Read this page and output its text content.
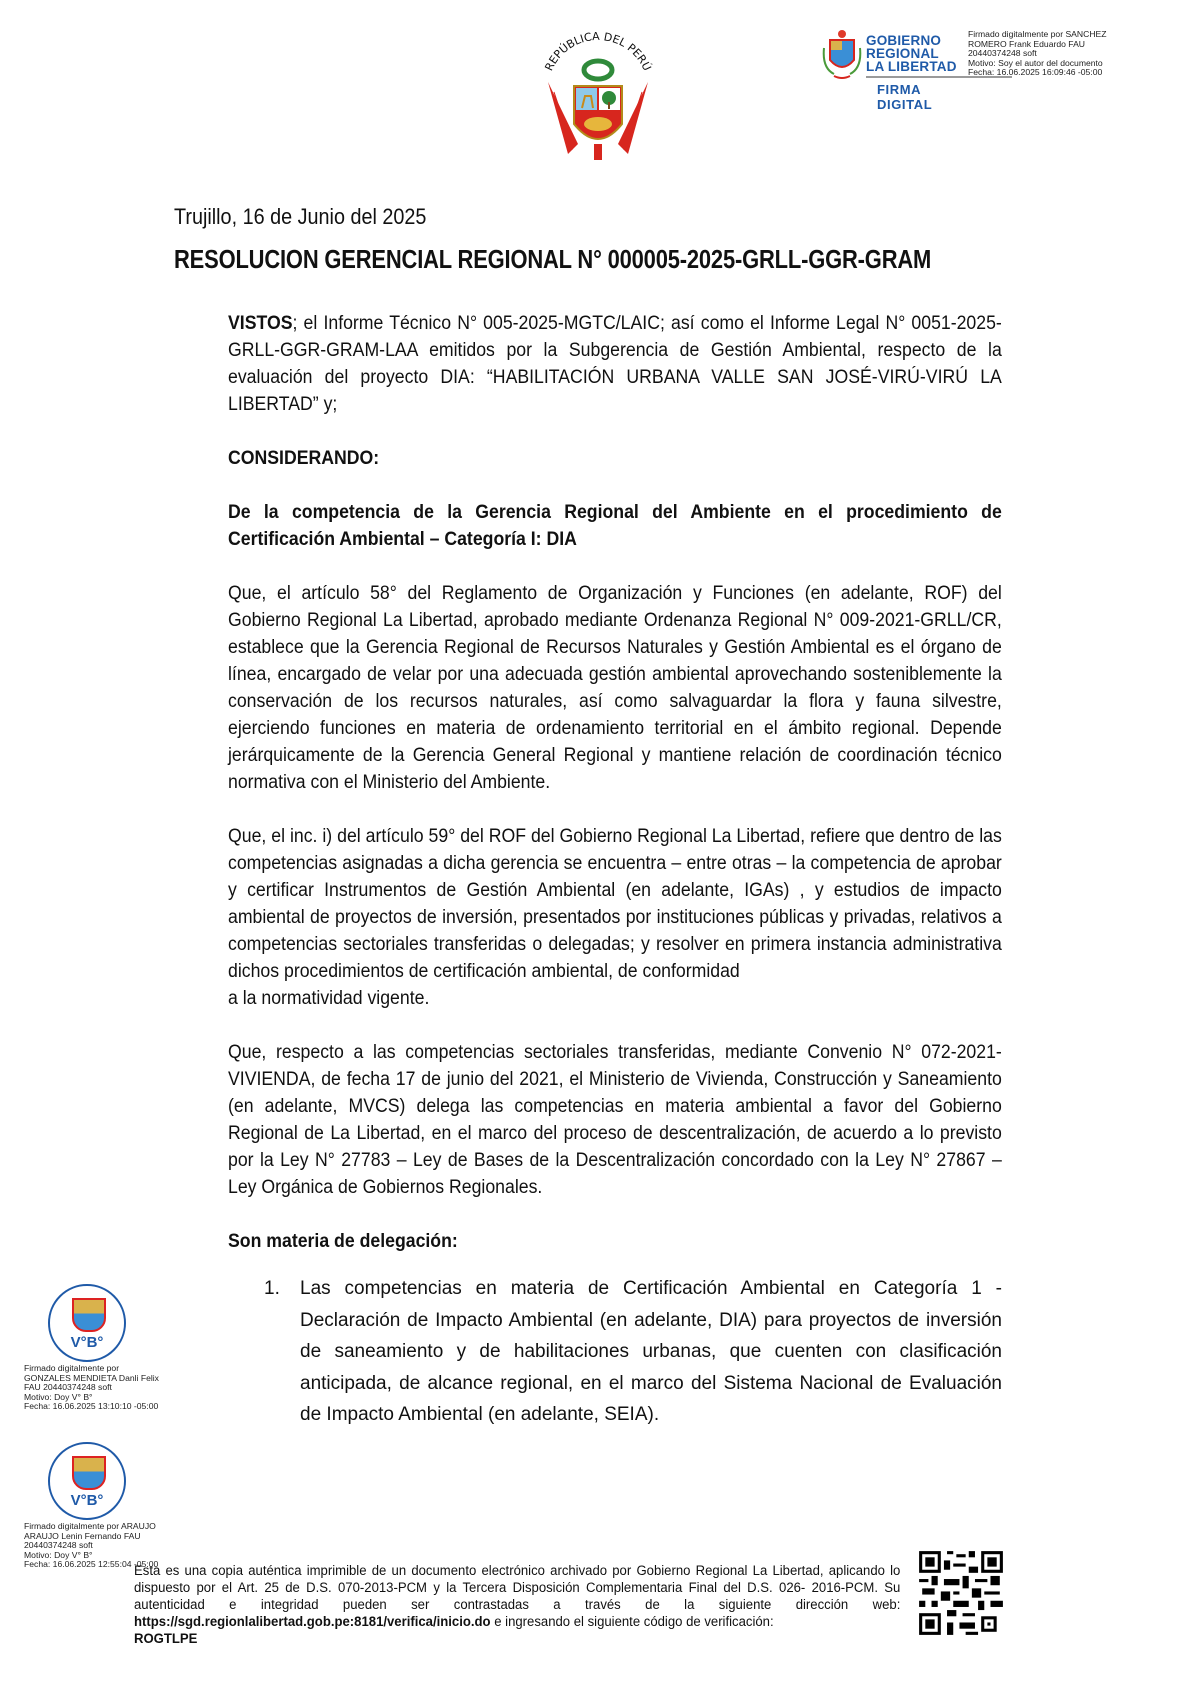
REPÚBLICA DEL PERÚ
GOBIERNO
REGIONAL
LA LIBERTAD
FIRMA DIGITAL
Firmado digitalmente por SANCHEZ
ROMERO Frank Eduardo FAU
20440374248 soft
Motivo: Soy el autor del documento
Fecha: 16.06.2025 16:09:46 -05:00
Trujillo, 16 de Junio del 2025
RESOLUCION GERENCIAL REGIONAL N° 000005-2025-GRLL-GGR-GRAM

VISTOS; el Informe Técnico N° 005-2025-MGTC/LAIC; así como el Informe Legal N° 0051-2025-GRLL-GGR-GRAM-LAA emitidos por la Subgerencia de Gestión Ambiental, respecto de la evaluación del proyecto DIA: “HABILITACIÓN URBANA VALLE SAN JOSÉ-VIRÚ-VIRÚ LA LIBERTAD” y;

CONSIDERANDO:

De la competencia de la Gerencia Regional del Ambiente en el procedimiento de Certificación Ambiental – Categoría I: DIA

Que, el artículo 58° del Reglamento de Organización y Funciones (en adelante, ROF) del Gobierno Regional La Libertad, aprobado mediante Ordenanza Regional N° 009-2021-GRLL/CR, establece que la Gerencia Regional de Recursos Naturales y Gestión Ambiental es el órgano de línea, encargado de velar por una adecuada gestión ambiental aprovechando sosteniblemente la conservación de los recursos naturales, así como salvaguardar la flora y fauna silvestre, ejerciendo funciones en materia de ordenamiento territorial en el ámbito regional. Depende jerárquicamente de la Gerencia General Regional y mantiene relación de coordinación técnico normativa con el Ministerio del Ambiente.

Que, el inc. i) del artículo 59° del ROF del Gobierno Regional La Libertad, refiere que dentro de las competencias asignadas a dicha gerencia se encuentra – entre otras – la competencia de aprobar y certificar Instrumentos de Gestión Ambiental (en adelante, IGAs) , y estudios de impacto ambiental de proyectos de inversión, presentados por instituciones públicas y privadas, relativos a competencias sectoriales transferidas o delegadas; y resolver en primera instancia administrativa dichos procedimientos de certificación ambiental, de conformidad

a la normatividad vigente.

Que, respecto a las competencias sectoriales transferidas, mediante Convenio N° 072-2021-VIVIENDA, de fecha 17 de junio del 2021, el Ministerio de Vivienda, Construcción y Saneamiento (en adelante, MVCS) delega las competencias en materia ambiental a favor del Gobierno Regional de La Libertad, en el marco del proceso de descentralización, de acuerdo a lo previsto por la Ley N° 27783 – Ley de Bases de la Descentralización concordado con la Ley N° 27867 – Ley Orgánica de Gobiernos Regionales.

Son materia de delegación:

1.	Las competencias en materia de Certificación Ambiental en Categoría 1 - Declaración de Impacto Ambiental (en adelante, DIA) para proyectos de inversión de saneamiento y de habilitaciones urbanas, que cuenten con clasificación anticipada, de alcance regional, en el marco del Sistema Nacional de Evaluación de Impacto Ambiental (en adelante, SEIA).
V°B°
Firmado digitalmente por
GONZALES MENDIETA Danli Felix
FAU 20440374248 soft
Motivo: Doy V° B°
Fecha: 16.06.2025 13:10:10 -05:00
V°B°
Firmado digitalmente por ARAUJO
ARAUJO Lenin Fernando FAU
20440374248 soft
Motivo: Doy V° B°
Fecha: 16.06.2025 12:55:04 -05:00
Esta es una copia auténtica imprimible de un documento electrónico archivado por Gobierno Regional La Libertad, aplicando lo dispuesto por el Art. 25 de D.S. 070-2013-PCM y la Tercera Disposición Complementaria Final del D.S. 026- 2016-PCM. Su autenticidad e integridad pueden ser contrastadas a través de la siguiente dirección web: https://sgd.regionlalibertad.gob.pe:8181/verifica/inicio.do e ingresando el siguiente código de verificación:
ROGTLPE
